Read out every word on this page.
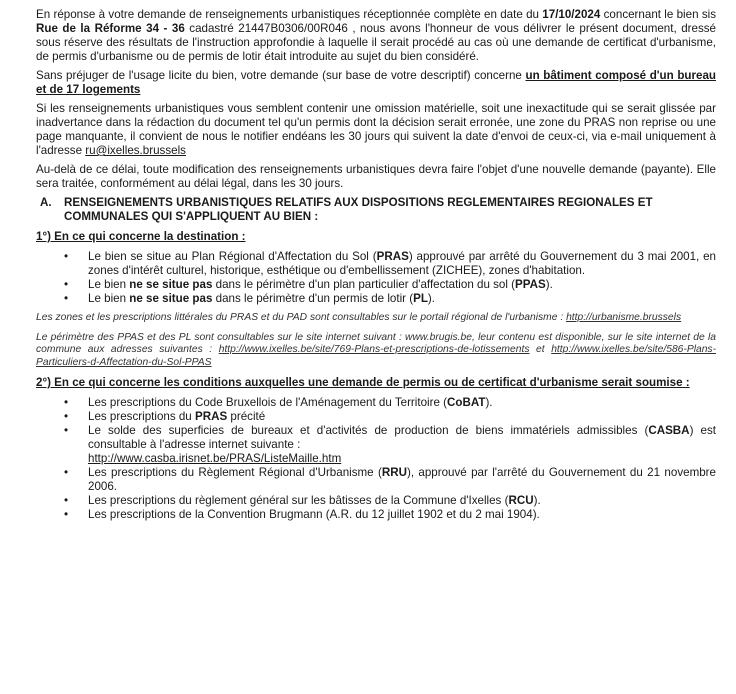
En réponse à votre demande de renseignements urbanistiques réceptionnée complète en date du 17/10/2024 concernant le bien sis Rue de la Réforme 34 - 36 cadastré 21447B0306/00R046 , nous avons l'honneur de vous délivrer le présent document, dressé sous réserve des résultats de l'instruction approfondie à laquelle il serait procédé au cas où une demande de certificat d'urbanisme, de permis d'urbanisme ou de permis de lotir était introduite au sujet du bien considéré.

Sans préjuger de l'usage licite du bien, votre demande (sur base de votre descriptif) concerne un bâtiment composé d'un bureau et de 17 logements

Si les renseignements urbanistiques vous semblent contenir une omission matérielle, soit une inexactitude qui se serait glissée par inadvertance dans la rédaction du document tel qu'un permis dont la décision serait erronée, une zone du PRAS non reprise ou une page manquante, il convient de nous le notifier endéans les 30 jours qui suivent la date d'envoi de ceux-ci, via e-mail uniquement à l'adresse ru@ixelles.brussels

Au-delà de ce délai, toute modification des renseignements urbanistiques devra faire l'objet d'une nouvelle demande (payante). Elle sera traitée, conformément au délai légal, dans les 30 jours.

A.	RENSEIGNEMENTS URBANISTIQUES RELATIFS AUX DISPOSITIONS REGLEMENTAIRES REGIONALES ET COMMUNALES QUI S'APPLIQUENT AU BIEN :

1°) En ce qui concerne la destination :

• Le bien se situe au Plan Régional d'Affectation du Sol (PRAS) approuvé par arrêté du Gouvernement du 3 mai 2001, en zones d'intérêt culturel, historique, esthétique ou d'embellissement (ZICHEE), zones d'habitation.
• Le bien ne se situe pas dans le périmètre d'un plan particulier d'affectation du sol (PPAS).
• Le bien ne se situe pas dans le périmètre d'un permis de lotir (PL).

Les zones et les prescriptions littérales du PRAS et du PAD sont consultables sur le portail régional de l'urbanisme : http://urbanisme.brussels

Le périmètre des PPAS et des PL sont consultables sur le site internet suivant : www.brugis.be, leur contenu est disponible, sur le site internet de la commune aux adresses suivantes : http://www.ixelles.be/site/769-Plans-et-prescriptions-de-lotissements et http://www.ixelles.be/site/586-Plans-Particuliers-d-Affectation-du-Sol-PPAS

2°) En ce qui concerne les conditions auxquelles une demande de permis ou de certificat d'urbanisme serait soumise :

• Les prescriptions du Code Bruxellois de l'Aménagement du Territoire (CoBAT).
• Les prescriptions du PRAS précité
• Le solde des superficies de bureaux et d'activités de production de biens immatériels admissibles (CASBA) est consultable à l'adresse internet suivante :
http://www.casba.irisnet.be/PRAS/ListeMaille.htm
• Les prescriptions du Règlement Régional d'Urbanisme (RRU), approuvé par l'arrêté du Gouvernement du 21 novembre 2006.
• Les prescriptions du règlement général sur les bâtisses de la Commune d'Ixelles (RCU).
• Les prescriptions de la Convention Brugmann (A.R. du 12 juillet 1902 et du 2 mai 1904).
